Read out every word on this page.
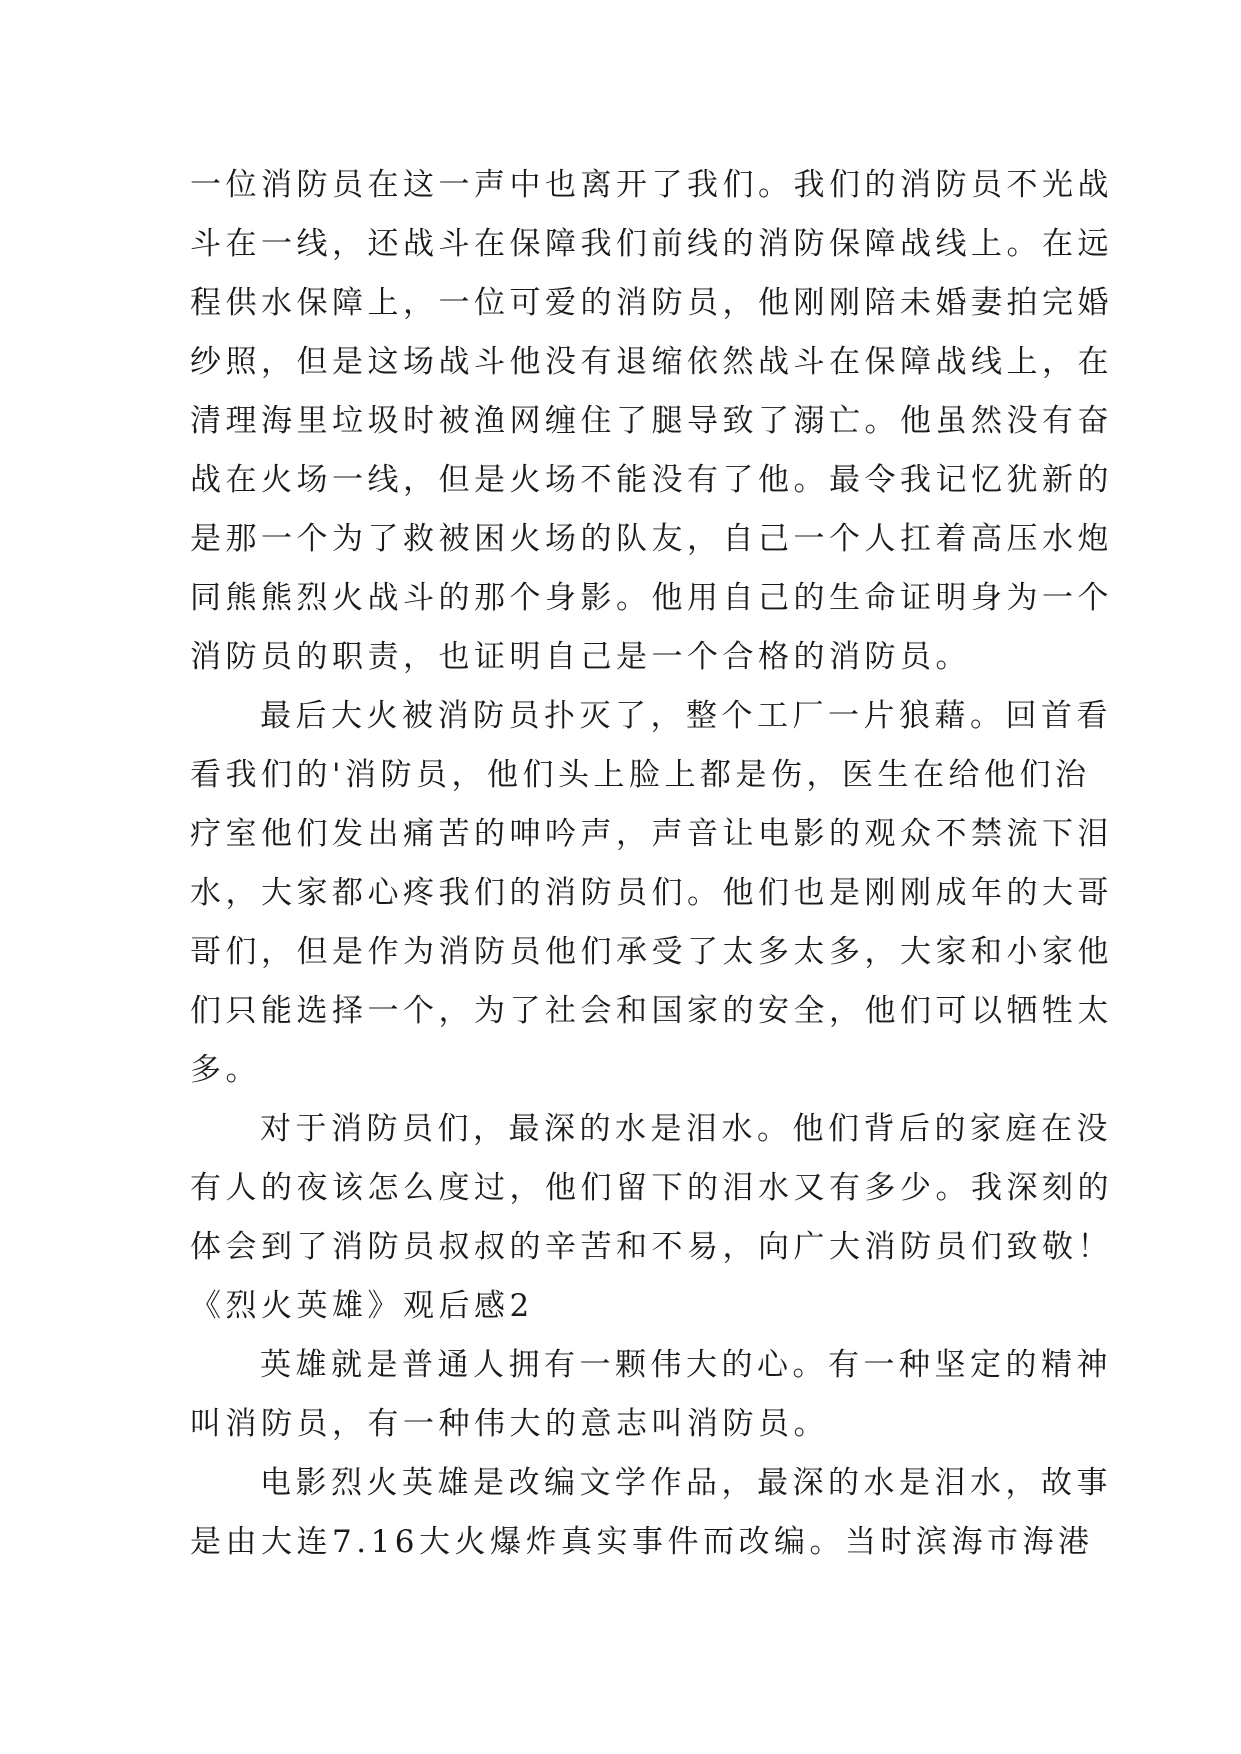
一位消防员在这一声中也离开了我们。我们的消防员不光战
斗在一线，还战斗在保障我们前线的消防保障战线上。在远
程供水保障上，一位可爱的消防员，他刚刚陪未婚妻拍完婚
纱照，但是这场战斗他没有退缩依然战斗在保障战线上，在
清理海里垃圾时被渔网缠住了腿导致了溺亡。他虽然没有奋
战在火场一线，但是火场不能没有了他。最令我记忆犹新的
是那一个为了救被困火场的队友，自己一个人扛着高压水炮
同熊熊烈火战斗的那个身影。他用自己的生命证明身为一个
消防员的职责，也证明自己是一个合格的消防员。
最后大火被消防员扑灭了，整个工厂一片狼藉。回首看
看我们的'消防员，他们头上脸上都是伤，医生在给他们治
疗室他们发出痛苦的呻吟声，声音让电影的观众不禁流下泪
水，大家都心疼我们的消防员们。他们也是刚刚成年的大哥
哥们，但是作为消防员他们承受了太多太多，大家和小家他
们只能选择一个，为了社会和国家的安全，他们可以牺牲太
多。
对于消防员们，最深的水是泪水。他们背后的家庭在没
有人的夜该怎么度过，他们留下的泪水又有多少。我深刻的
体会到了消防员叔叔的辛苦和不易，向广大消防员们致敬！
《烈火英雄》观后感2
英雄就是普通人拥有一颗伟大的心。有一种坚定的精神
叫消防员，有一种伟大的意志叫消防员。
电影烈火英雄是改编文学作品，最深的水是泪水，故事
是由大连7.16大火爆炸真实事件而改编。当时滨海市海港
